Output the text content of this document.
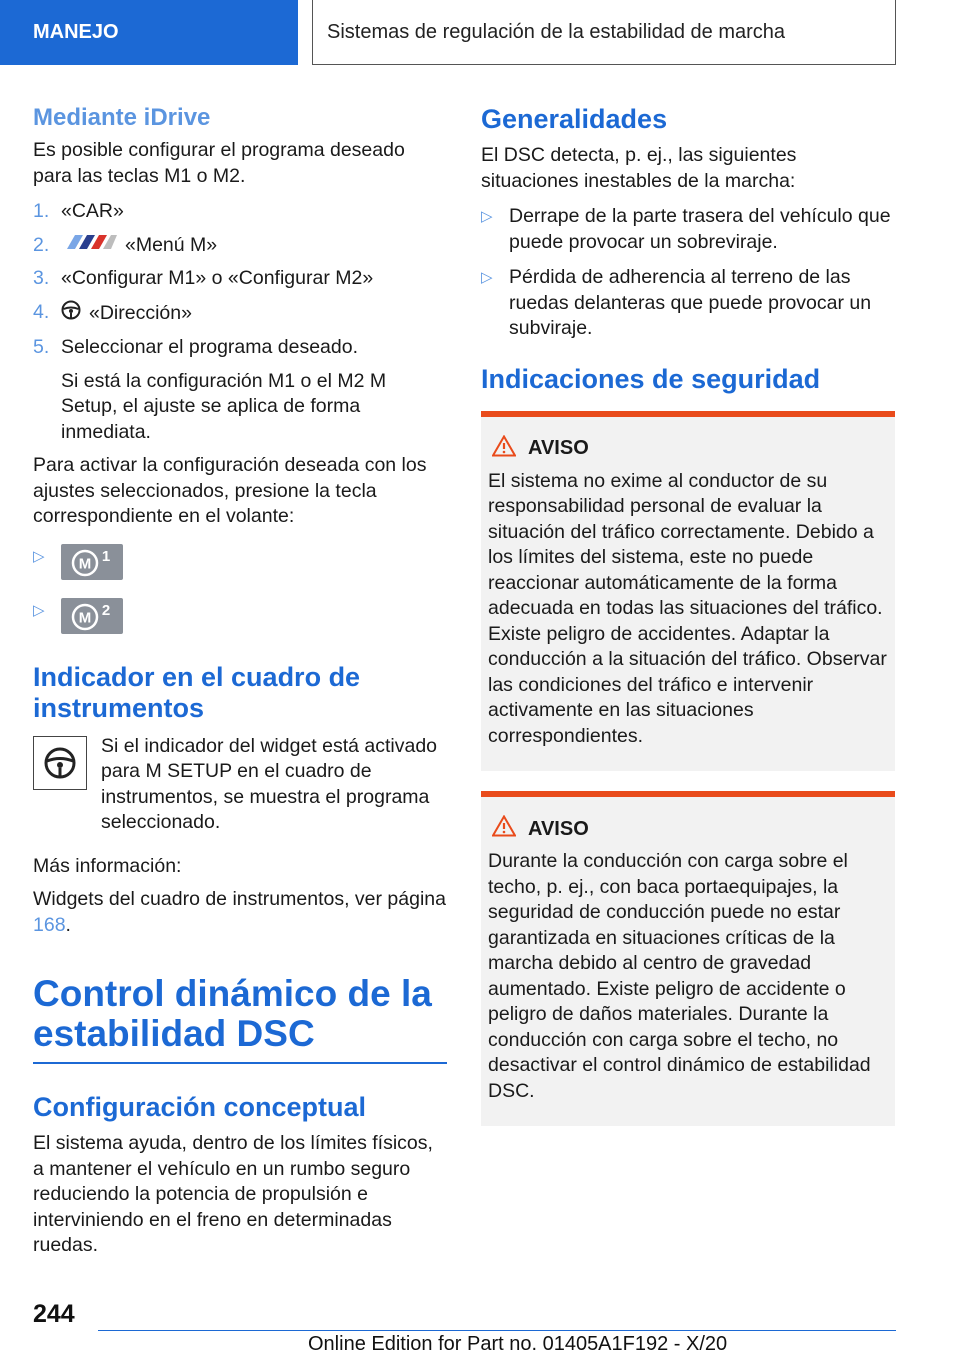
MANEJO	Sistemas de regulación de la estabilidad de marcha
Mediante iDrive

Es posible configurar el programa deseado para las teclas M1 o M2.

1. «CAR»
2.	«Menú M»
3. «Configurar M1» o «Configurar M2»
4.	«Dirección»
5. Seleccionar el programa deseado.
Si está la configuración M1 o el M2 M Setup, el ajuste se aplica de forma inmediata.

Para activar la configuración deseada con los ajustes seleccionados, presione la tecla correspondiente en el volante:

▷	M 1
▷	M 2
Indicador en el cuadro de instrumentos

Si el indicador del widget está activado para M SETUP en el cuadro de instrumentos, se muestra el programa seleccionado.

Más información:

Widgets del cuadro de instrumentos, ver página 168.

Control dinámico de la estabilidad DSC
Configuración conceptual

El sistema ayuda, dentro de los límites físicos, a mantener el vehículo en un rumbo seguro reduciendo la potencia de propulsión e interviniendo en el freno en determinadas ruedas.

Generalidades

El DSC detecta, p. ej., las siguientes situaciones inestables de la marcha:

▷ Derrape de la parte trasera del vehículo que puede provocar un sobreviraje.
▷ Pérdida de adherencia al terreno de las ruedas delanteras que puede provocar un subviraje.
Indicaciones de seguridad
AVISO

El sistema no exime al conductor de su responsabilidad personal de evaluar la situación del tráfico correctamente. Debido a los límites del sistema, este no puede reaccionar automáticamente de la forma adecuada en todas las situaciones del tráfico. Existe peligro de accidentes. Adaptar la conducción a la situación del tráfico. Observar las condiciones del tráfico e intervenir activamente en las situaciones correspondientes.

AVISO

Durante la conducción con carga sobre el techo, p. ej., con baca portaequipajes, la seguridad de conducción puede no estar garantizada en situaciones críticas de la marcha debido al centro de gravedad aumentado. Existe peligro de accidente o peligro de daños materiales. Durante la conducción con carga sobre el techo, no desactivar el control dinámico de estabilidad DSC.

244
Online Edition for Part no. 01405A1F192 - X/20
